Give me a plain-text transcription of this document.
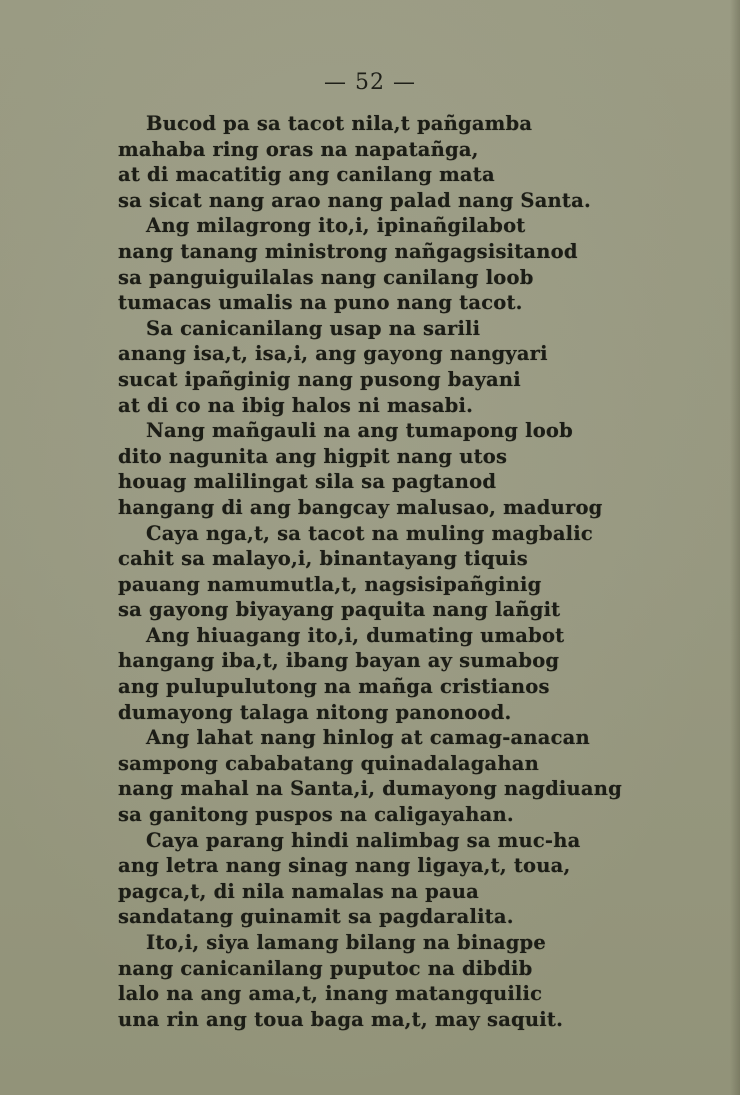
— 52 —
Bucod pa sa tacot nila,t pañgamba
mahaba ring oras na napatañga,
at di macatitig ang canilang mata
sa sicat nang arao nang palad nang Santa.
Ang milagrong ito,i, ipinañgilabot
nang tanang ministrong nañgagsisitanod
sa panguiguilalas nang canilang loob
tumacas umalis na puno nang tacot.
Sa canicanilang usap na sarili
anang isa,t, isa,i, ang gayong nangyari
sucat ipañginig nang pusong bayani
at di co na ibig halos ni masabi.
Nang mañgauli na ang tumapong loob
dito nagunita ang higpit nang utos
houag malilingat sila sa pagtanod
hangang di ang bangcay malusao, madurog
Caya nga,t, sa tacot na muling magbalic
cahit sa malayo,i, binantayang tiquis
pauang namumutla,t, nagsisipañginig
sa gayong biyayang paquita nang lañgit
Ang hiuagang ito,i, dumating umabot
hangang iba,t, ibang bayan ay sumabog
ang pulupulutong na mañga cristianos
dumayong talaga nitong panonood.
Ang lahat nang hinlog at camag-anacan
sampong cababatang quinadalagahan
nang mahal na Santa,i, dumayong nagdiuang
sa ganitong puspos na caligayahan.
Caya parang hindi nalimbag sa muc-ha
ang letra nang sinag nang ligaya,t, toua,
pagca,t, di nila namalas na paua
sandatang guinamit sa pagdaralita.
Ito,i, siya lamang bilang na binagpe
nang canicanilang puputoc na dibdib
lalo na ang ama,t, inang matangquilic
una rin ang toua baga ma,t, may saquit.
